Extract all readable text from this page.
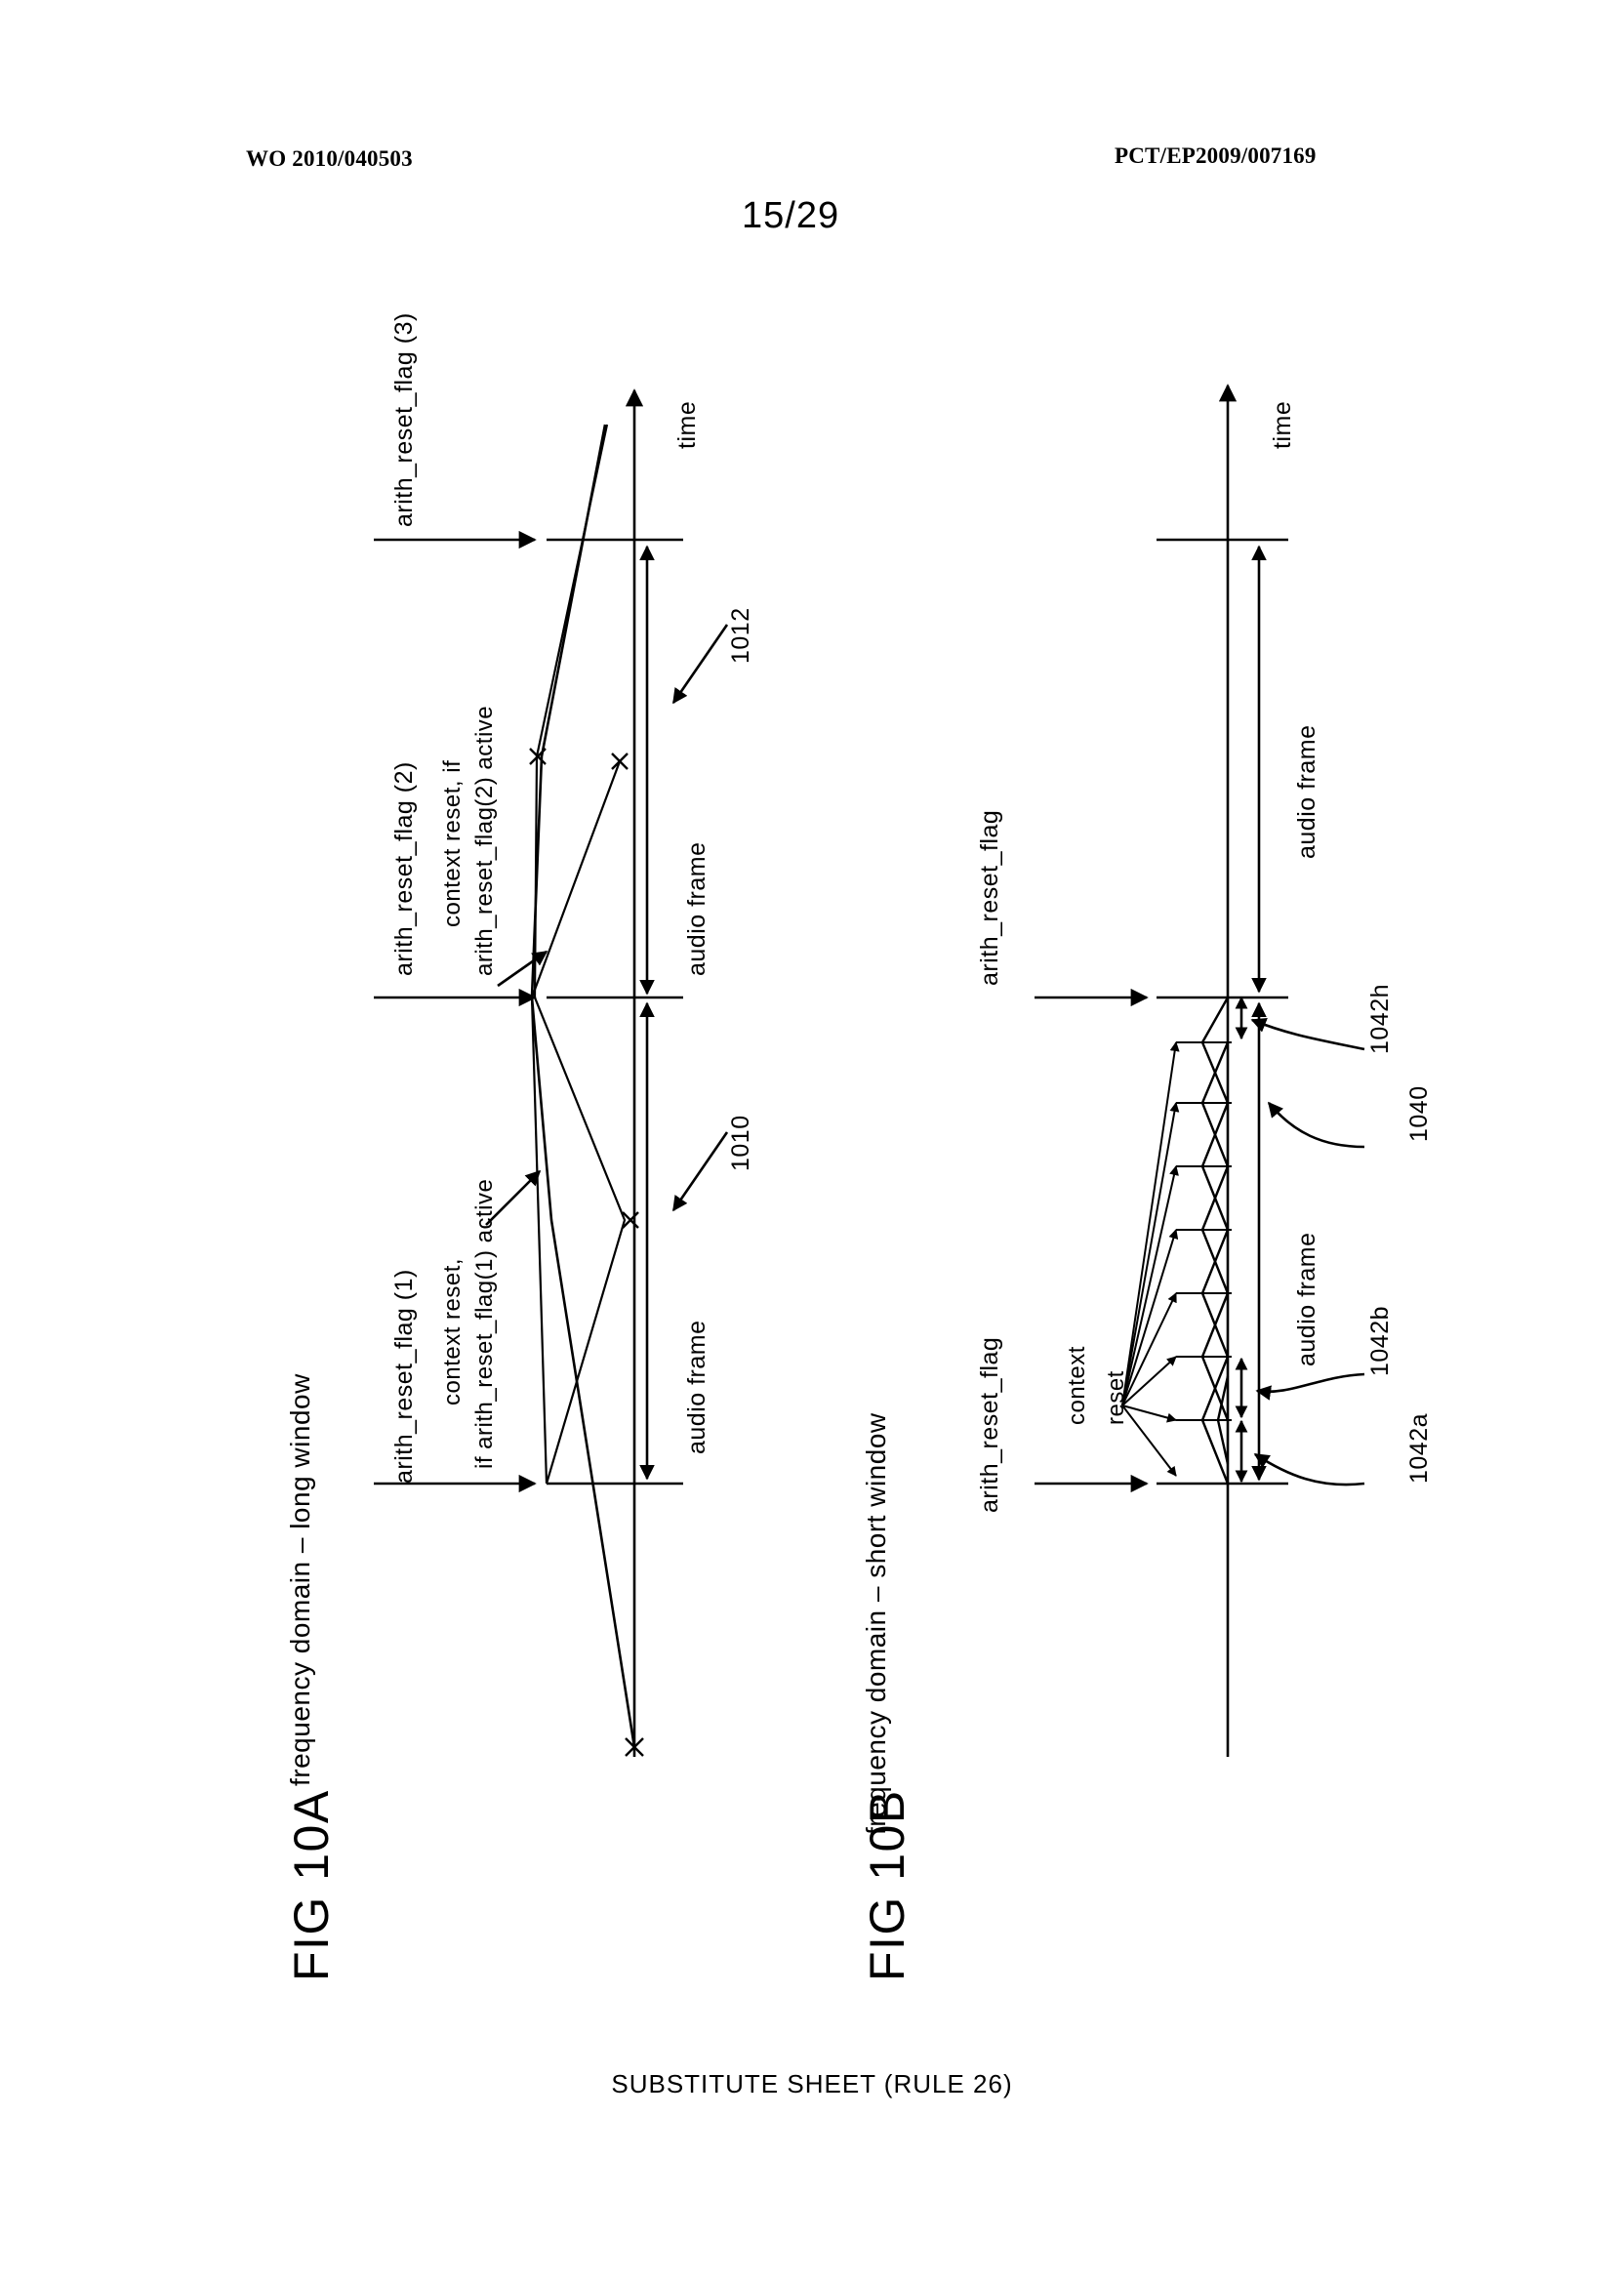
WO 2010/040503	PCT/EP2009/007169
15/29
FIG 10A
frequency domain – long window	arith_reset_flag (1)
arith_reset_flag (2)
arith_reset_flag (3)
context reset, if arith_reset_flag(1) active
context reset, if arith_reset_flag(2) active
audio frame
audio frame
1010
1012
time
FIG 10B
frequency domain – short window	arith_reset_flag
arith_reset_flag
context reset
audio frame
audio frame
1042h
1040
1042b
1042a
time
SUBSTITUTE SHEET (RULE 26)
